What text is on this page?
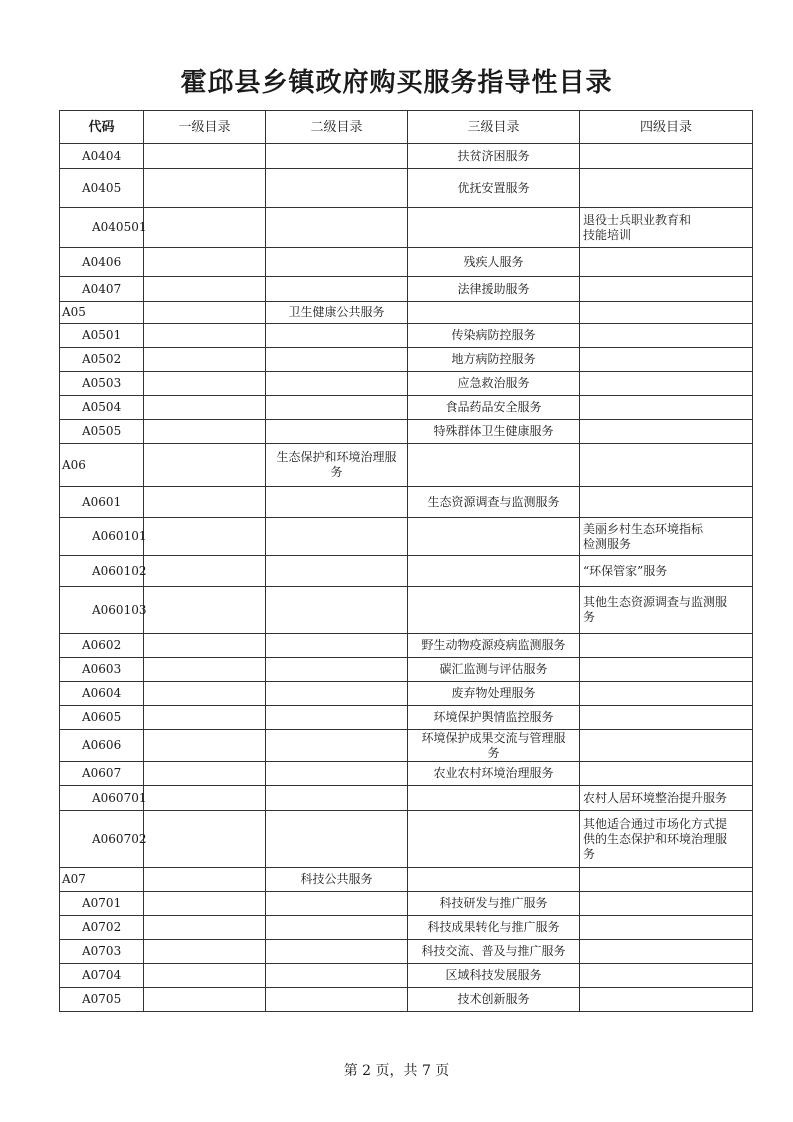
霍邱县乡镇政府购买服务指导性目录
代码	一级目录	二级目录	三级目录	四级目录
A0404			扶贫济困服务	
A0405			优抚安置服务	
A040501				退役士兵职业教育和
技能培训
A0406			残疾人服务	
A0407			法律援助服务	
A05		卫生健康公共服务		
A0501			传染病防控服务	
A0502			地方病防控服务	
A0503			应急救治服务	
A0504			食品药品安全服务	
A0505			特殊群体卫生健康服务	
A06		生态保护和环境治理服
务		
A0601			生态资源调查与监测服务	
A060101				美丽乡村生态环境指标
检测服务
A060102				“环保管家”服务
A060103				其他生态资源调查与监测服
务
A0602			野生动物疫源疫病监测服务	
A0603			碳汇监测与评估服务	
A0604			废弃物处理服务	
A0605			环境保护舆情监控服务	
A0606			环境保护成果交流与管理服
务	
A0607			农业农村环境治理服务	
A060701				农村人居环境整治提升服务
A060702				其他适合通过市场化方式提
供的生态保护和环境治理服
务
A07		科技公共服务		
A0701			科技研发与推广服务	
A0702			科技成果转化与推广服务	
A0703			科技交流、普及与推广服务	
A0704			区域科技发展服务	
A0705			技术创新服务	
第 2 页，共 7 页
